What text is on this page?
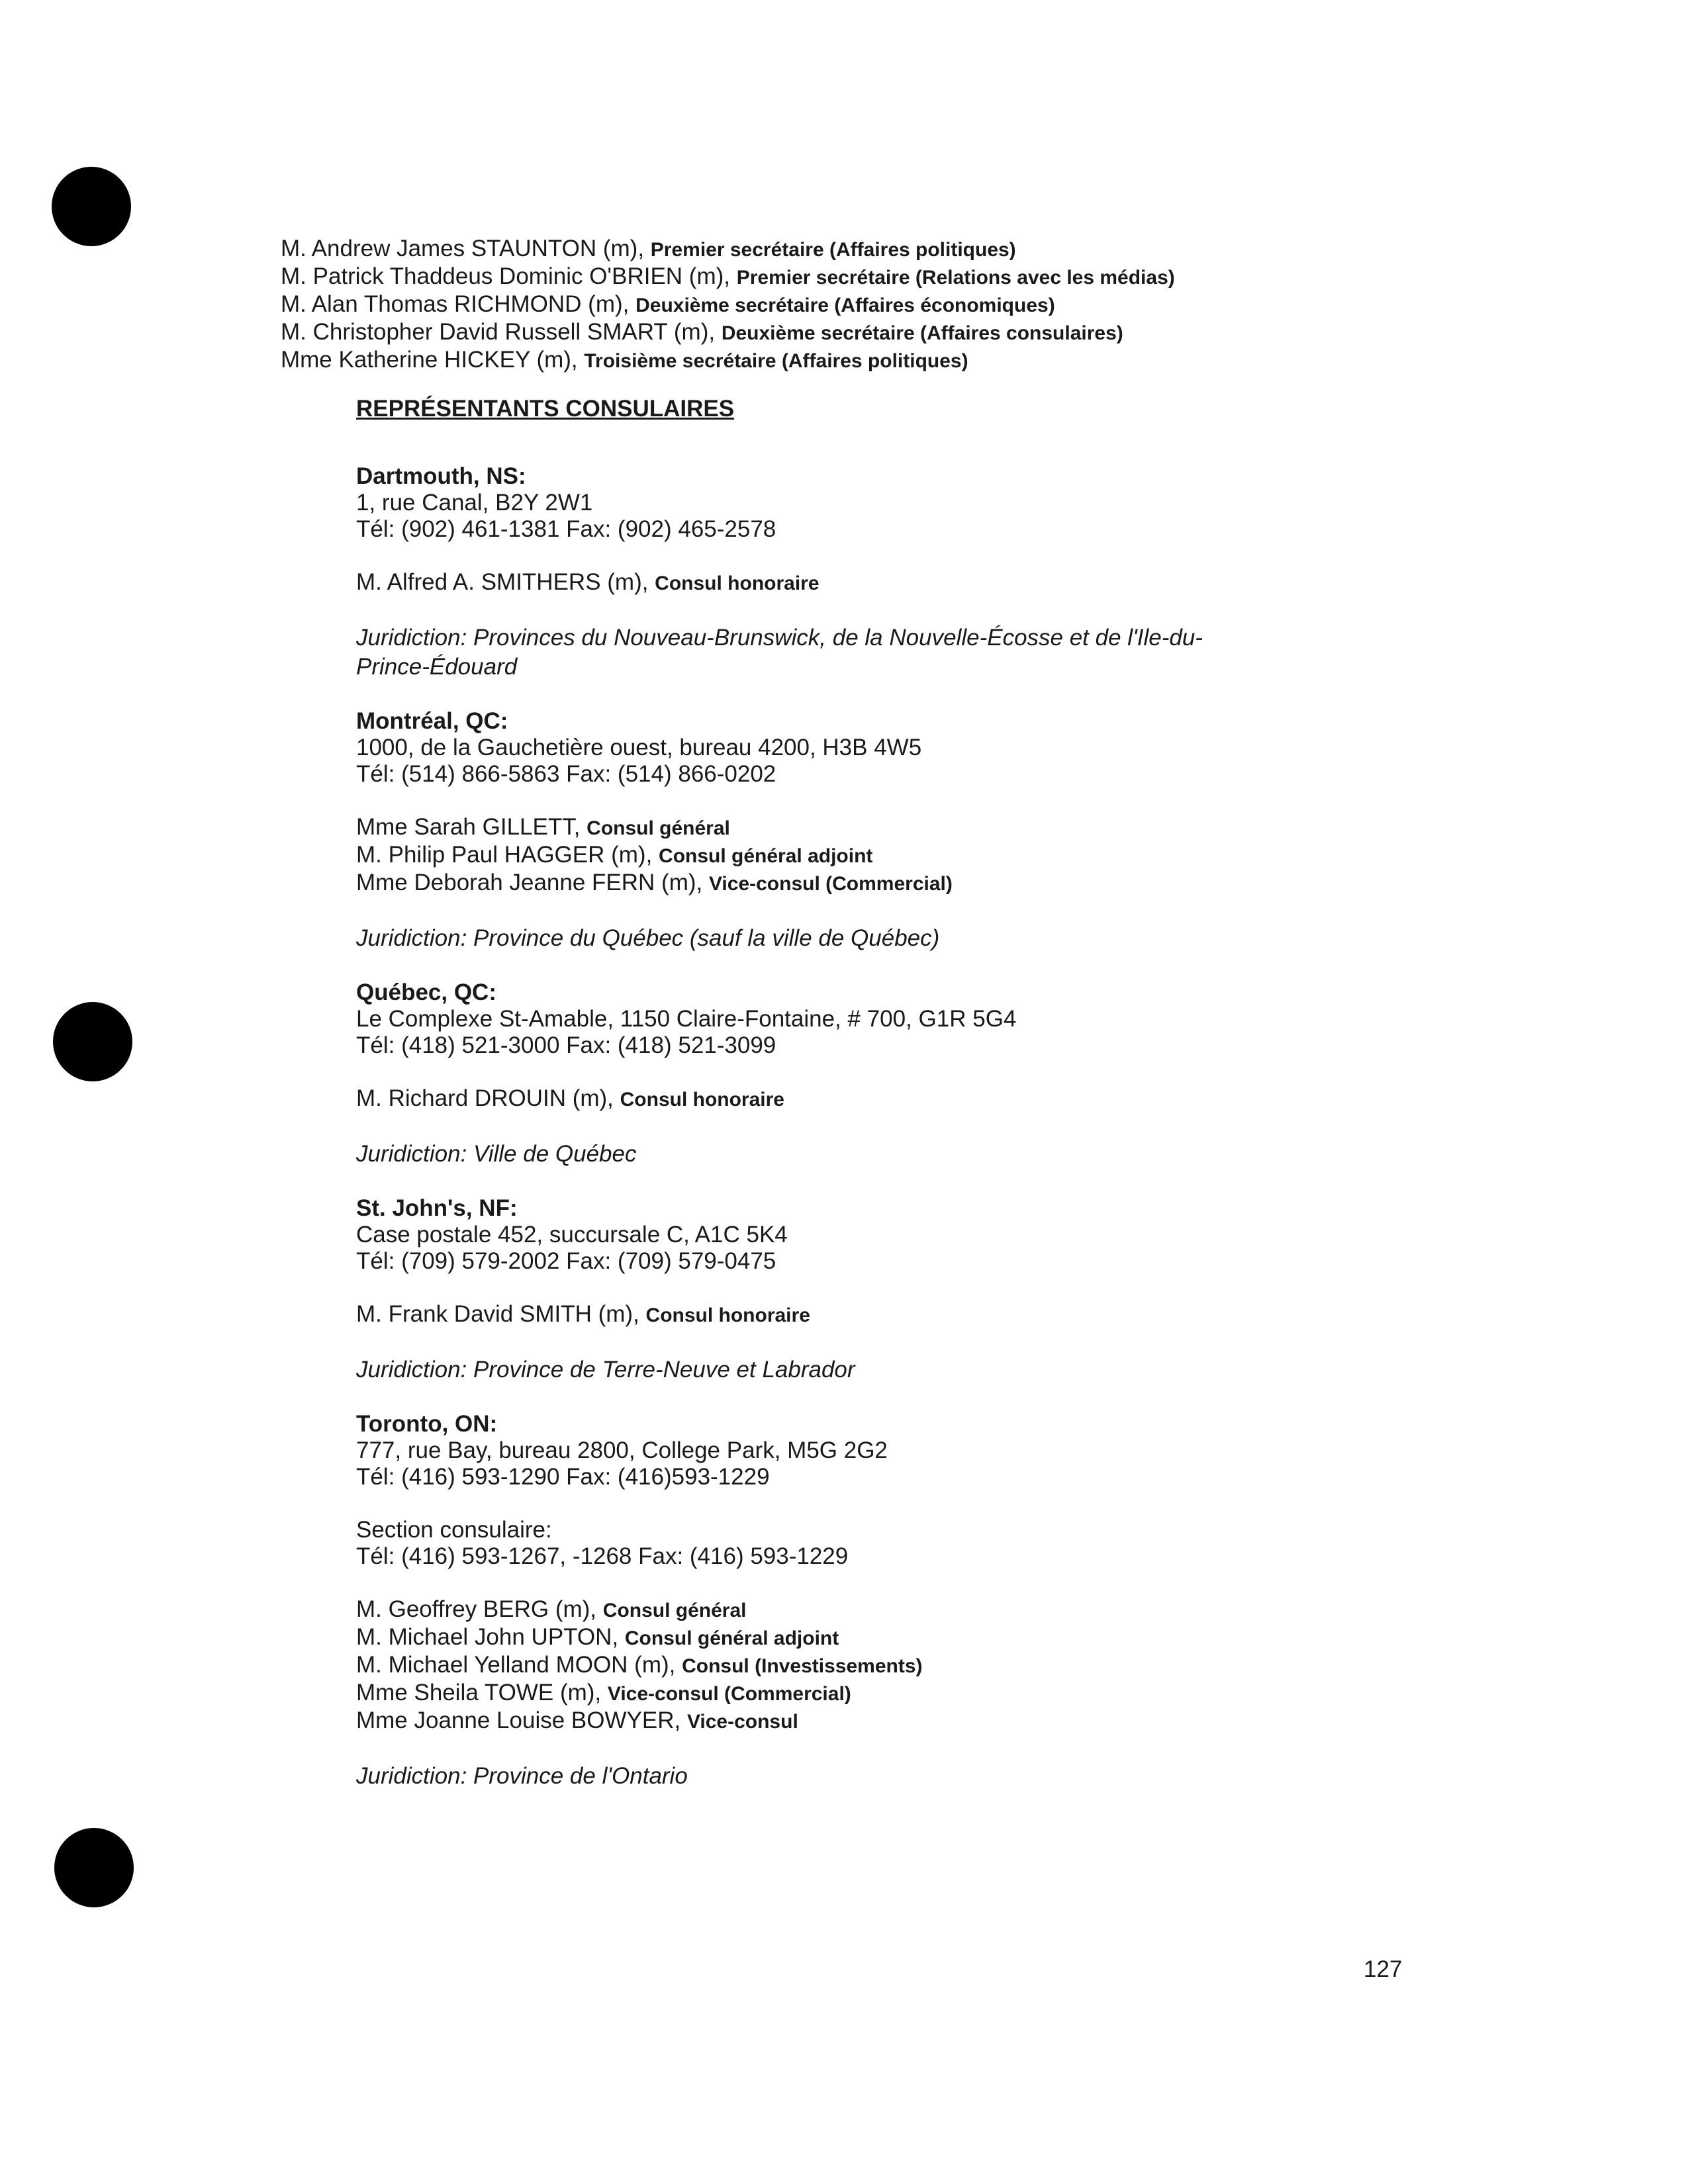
M. Andrew James STAUNTON (m), Premier secrétaire (Affaires politiques)
M. Patrick Thaddeus Dominic O'BRIEN (m), Premier secrétaire (Relations avec les médias)
M. Alan Thomas RICHMOND (m), Deuxième secrétaire (Affaires économiques)
M. Christopher David Russell SMART (m), Deuxième secrétaire (Affaires consulaires)
Mme Katherine HICKEY (m), Troisième secrétaire (Affaires politiques)
REPRÉSENTANTS CONSULAIRES
Dartmouth, NS:
1, rue Canal, B2Y 2W1
Tél: (902) 461-1381 Fax: (902) 465-2578
M. Alfred A. SMITHERS (m), Consul honoraire
Juridiction: Provinces du Nouveau-Brunswick, de la Nouvelle-Écosse et de l'Ile-du-Prince-Édouard
Montréal, QC:
1000, de la Gauchetière ouest, bureau 4200, H3B 4W5
Tél: (514) 866-5863 Fax: (514) 866-0202
Mme Sarah GILLETT, Consul général
M. Philip Paul HAGGER (m), Consul général adjoint
Mme Deborah Jeanne FERN (m), Vice-consul (Commercial)
Juridiction: Province du Québec (sauf la ville de Québec)
Québec, QC:
Le Complexe St-Amable, 1150 Claire-Fontaine, # 700, G1R 5G4
Tél: (418) 521-3000 Fax: (418) 521-3099
M. Richard DROUIN (m), Consul honoraire
Juridiction: Ville de Québec
St. John's, NF:
Case postale 452, succursale C, A1C 5K4
Tél: (709) 579-2002 Fax: (709) 579-0475
M. Frank David SMITH (m), Consul honoraire
Juridiction: Province de Terre-Neuve et Labrador
Toronto, ON:
777, rue Bay, bureau 2800, College Park, M5G 2G2
Tél: (416) 593-1290 Fax: (416)593-1229
Section consulaire:
Tél: (416) 593-1267, -1268 Fax: (416) 593-1229
M. Geoffrey BERG (m), Consul général
M. Michael John UPTON, Consul général adjoint
M. Michael Yelland MOON (m), Consul (Investissements)
Mme Sheila TOWE (m), Vice-consul (Commercial)
Mme Joanne Louise BOWYER, Vice-consul
Juridiction: Province de l'Ontario
127
